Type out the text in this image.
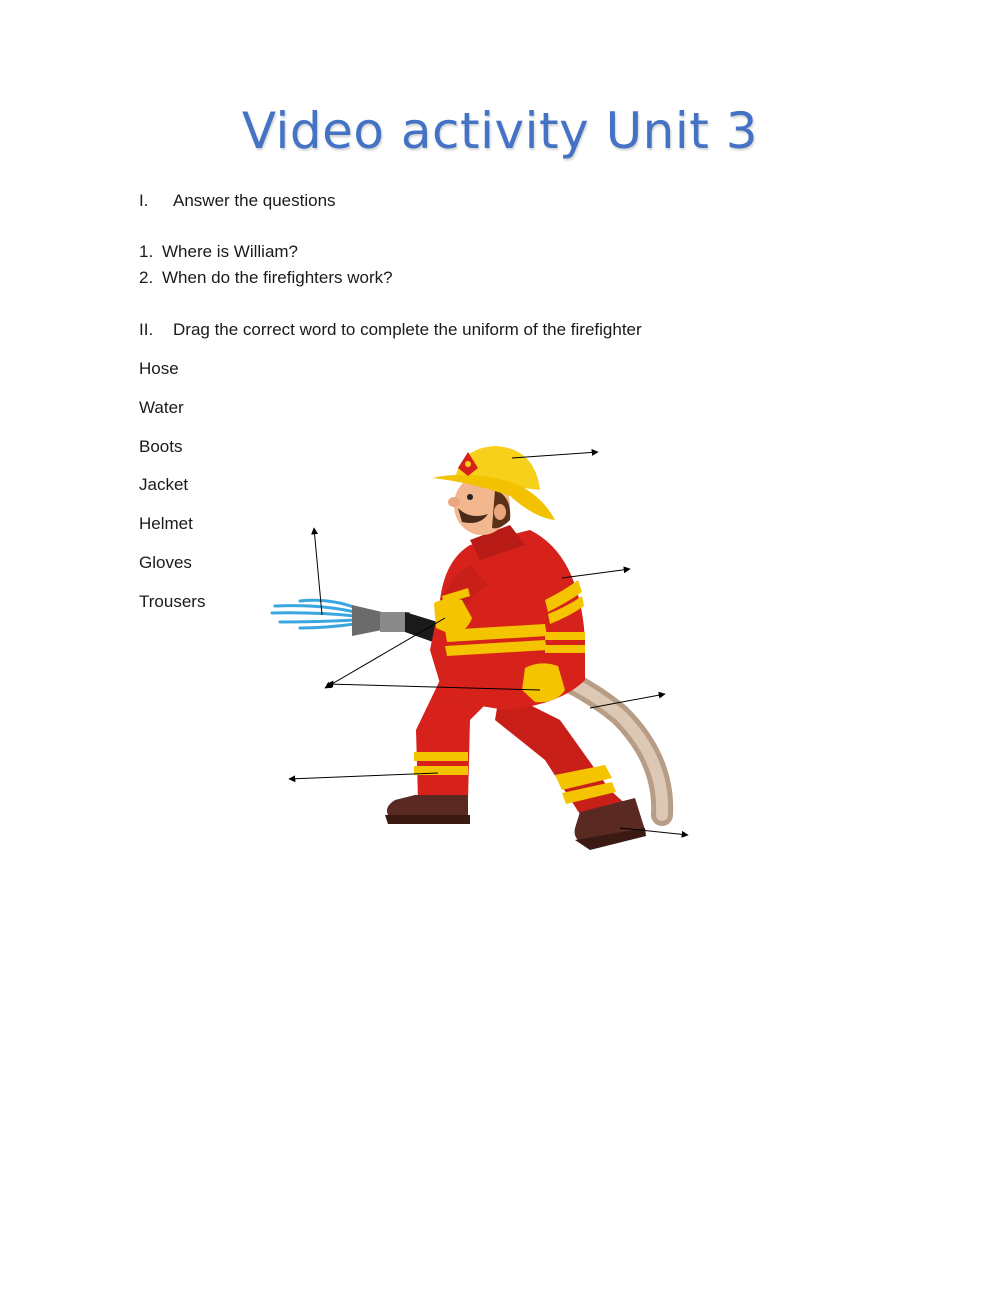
Video activity Unit 3
I. Answer the questions
1. Where is William?
2. When do the firefighters work?
II. Drag the correct word to complete the uniform of the firefighter
Hose
Water
Boots
Jacket
Helmet
Gloves
Trousers
